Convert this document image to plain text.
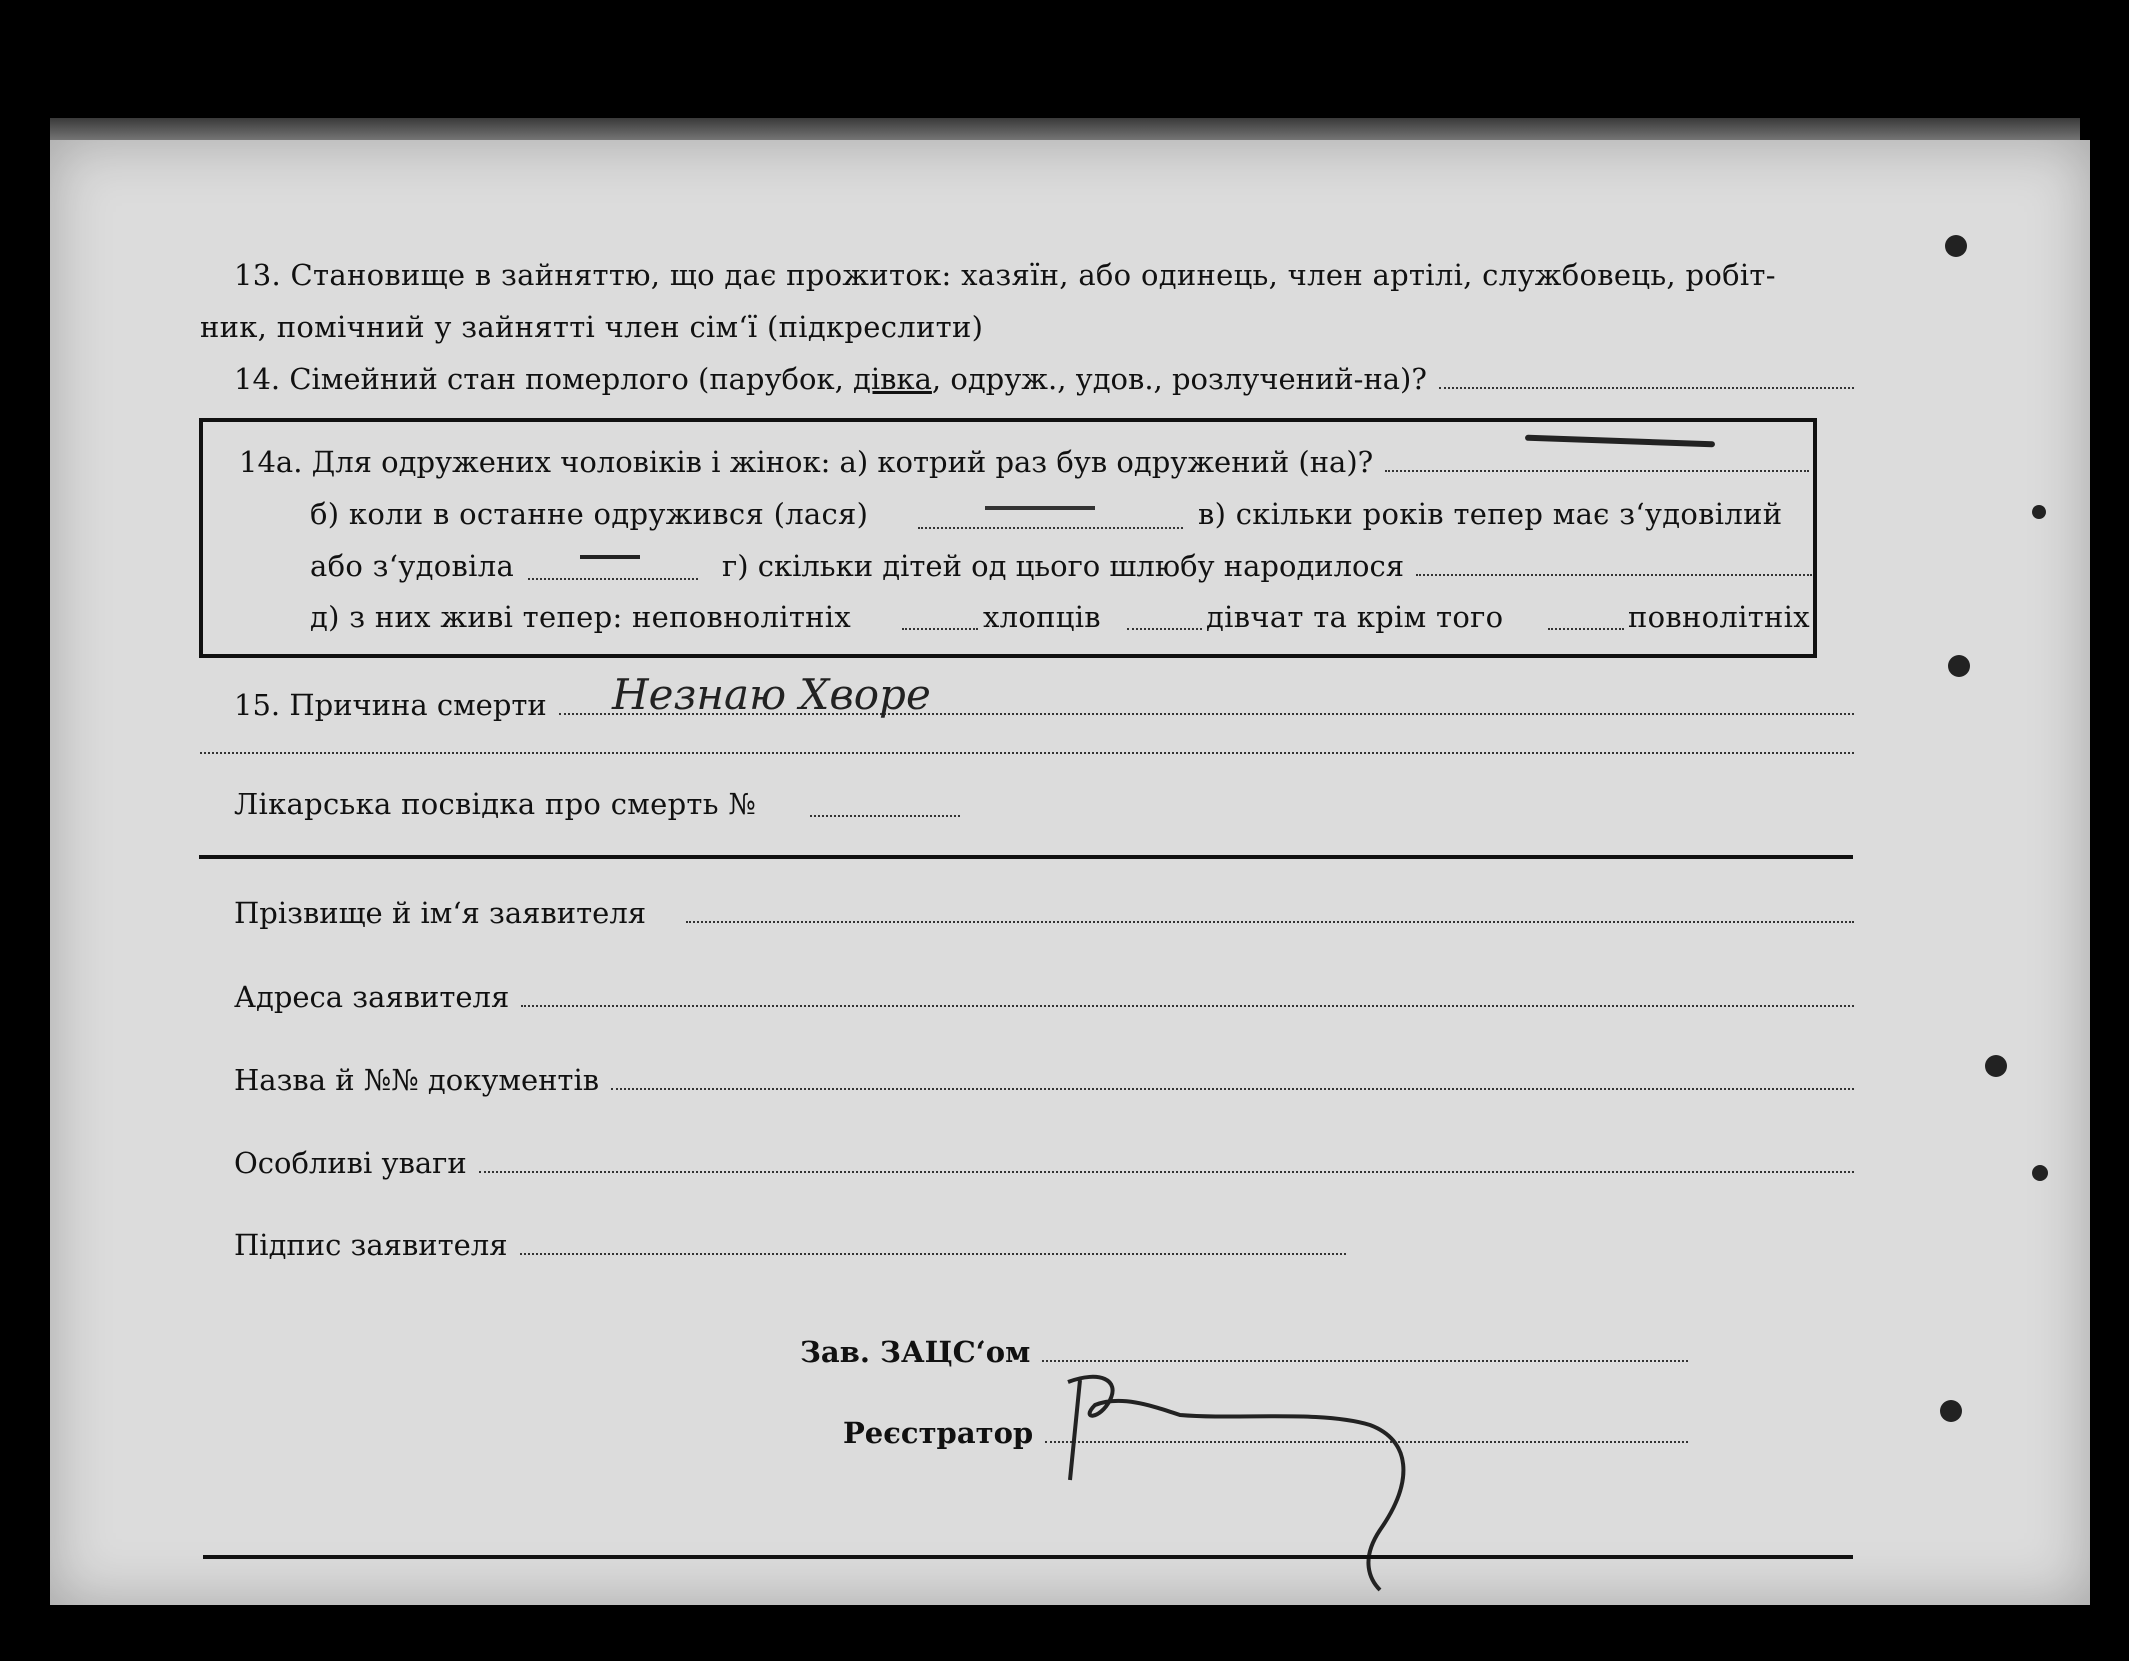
13. Становище в зайняттю, що дає прожиток: хазяїн, або одинець, член артілі, службовець, робіт-
ник, помічний у зайнятті член сім‘ї (підкреслити)
14. Сімейний стан померлого (парубок, дівка, одруж., удов., розлучений-на)?
14а. Для одружених чоловіків і жінок: а) котрий раз був одружений (на)?
б) коли в останне одружився (лася)	в) скільки років тепер має з‘удовілий
або з‘удовіла	г) скільки дітей од цього шлюбу народилося
д) з них живі тепер: неповнолітніх	хлопців	дівчат та крім того	повнолітніх
15. Причина смерти Незнаю Хворе
Лікарська посвідка про смерть №
Прізвище й ім‘я заявителя
Адреса заявителя
Назва й №№ документів
Особливі уваги
Підпис заявителя
Зав. ЗАЦС‘ом
Реєстратор
